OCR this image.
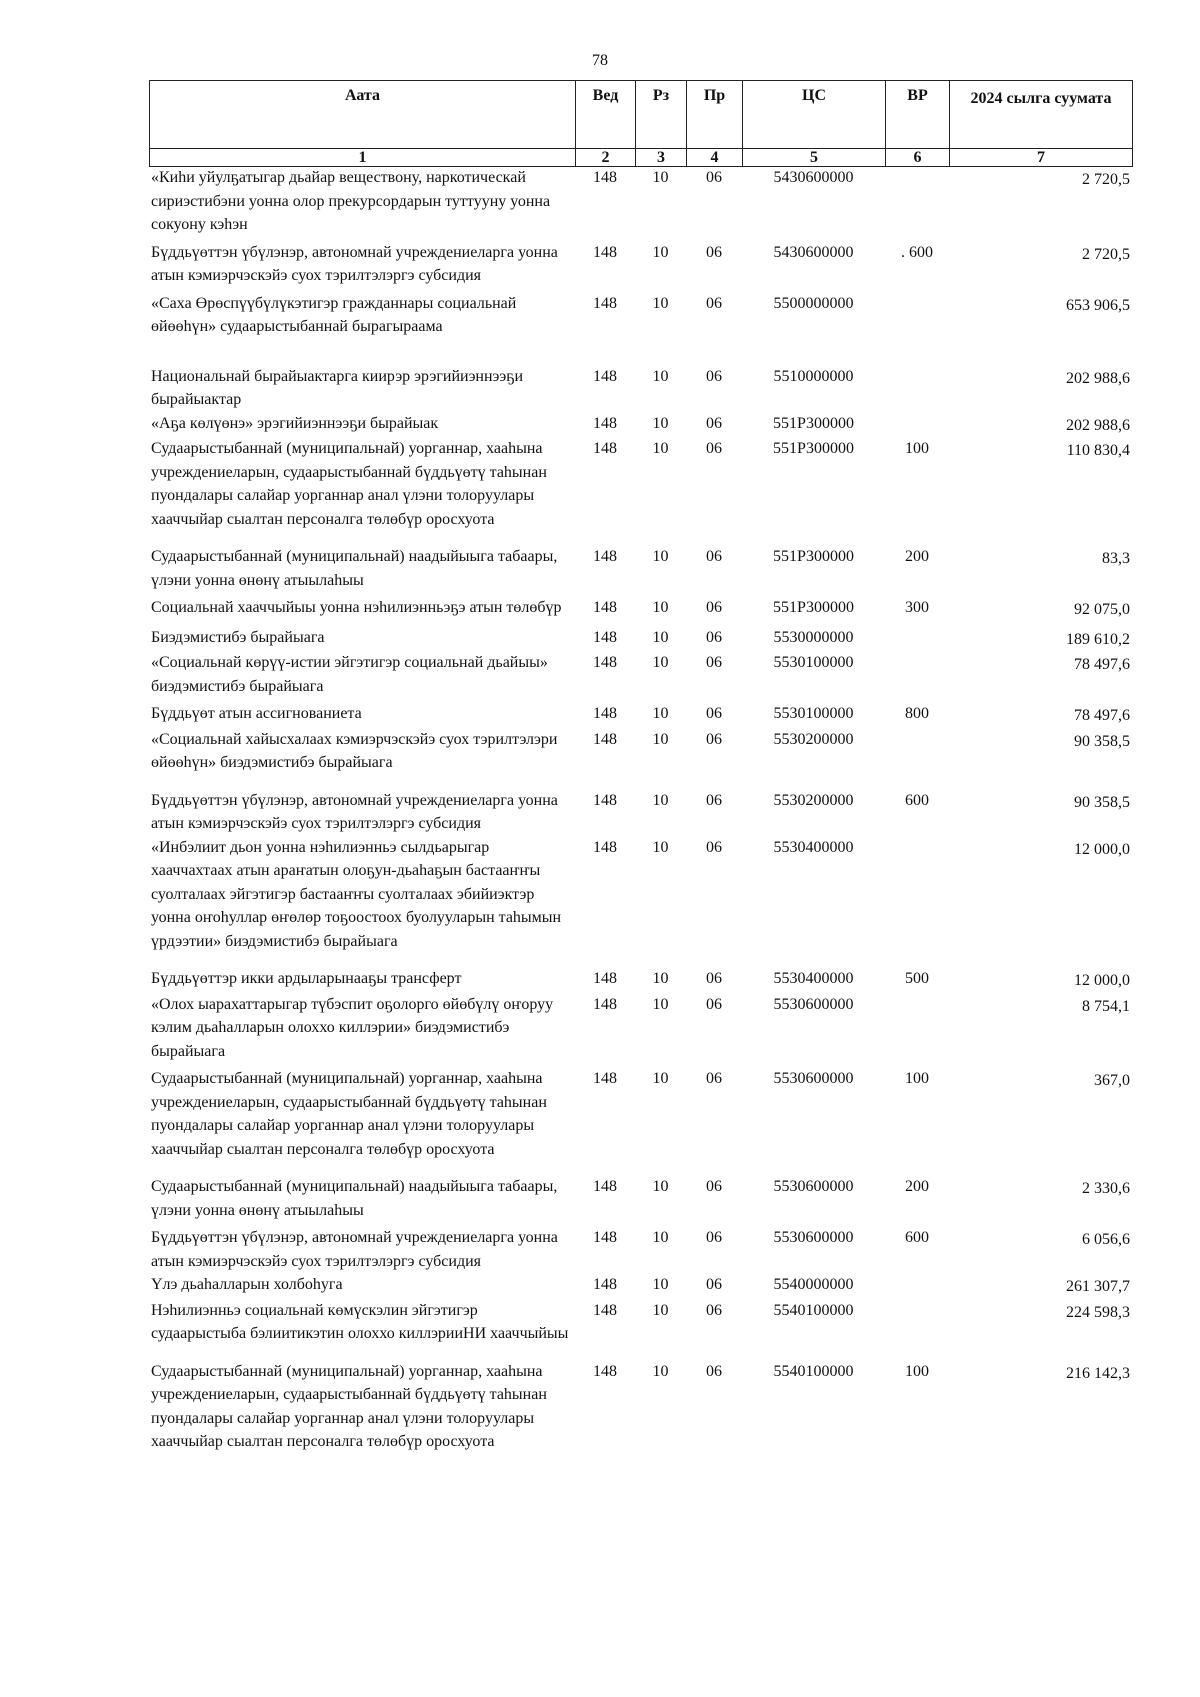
78
Аата	Вед	Рз	Пр	ЦС	ВР	2024 сылга суумата
1	2	3	4	5	6	7
«Киһи уйулҕатыгар дьайар веществону, наркотическай сириэстибэни уонна олор прекурсордарын туттууну уонна сокуону кэһэн	148	10	06	5430600000		2 720,5
Бүддьүөттэн үбүлэнэр, автономнай учреждениеларга уонна атын кэмиэрчэскэйэ суох тэрилтэлэргэ субсидия	148	10	06	5430600000	. 600	2 720,5
«Саха Өрөспүүбүлүкэтигэр гражданнары социальнай өйөөһүн» судаарыстыбаннай бырагыраама	148	10	06	5500000000		653 906,5
Национальнай бырайыактарга киирэр эрэгийиэннээҕи бырайыактар	148	10	06	5510000000		202 988,6
«Аҕа көлүөнэ» эрэгийиэннээҕи бырайыак	148	10	06	551Р300000		202 988,6
Судаарыстыбаннай (муниципальнай) уорганнар, хааһына учреждениеларын, судаарыстыбаннай бүддьүөтү таһынан пуондалары салайар уорганнар анал үлэни толоруулары хааччыйар сыалтан персоналга төлөбүр оросхуота	148	10	06	551Р300000	100	110 830,4
Судаарыстыбаннай (муниципальнай) наадыйыыга табаары, үлэни уонна өнөнү атыылаһыы	148	10	06	551Р300000	200	83,3
Социальнай хааччыйыы уонна нэһилиэнньэҕэ атын төлөбүр	148	10	06	551Р300000	300	92 075,0
Биэдэмистибэ бырайыага	148	10	06	5530000000		189 610,2
«Социальнай көрүү-истии эйгэтигэр социальнай дьайыы» биэдэмистибэ бырайыага	148	10	06	5530100000		78 497,6
Бүддьүөт атын ассигнованиета	148	10	06	5530100000	800	78 497,6
«Социальнай хайысхалаах кэмиэрчэскэйэ суох тэрилтэлэри өйөөһүн» биэдэмистибэ бырайыага	148	10	06	5530200000		90 358,5
Бүддьүөттэн үбүлэнэр, автономнай учреждениеларга уонна атын кэмиэрчэскэйэ суох тэрилтэлэргэ субсидия	148	10	06	5530200000	600	90 358,5
«Инбэлиит дьон уонна нэһилиэнньэ сылдьарыгар хааччахтаах атын араҥатын олоҕун-дьаһаҕын бастааҥҥы суолталаах эйгэтигэр бастааҥҥы суолталаах эбийиэктэр уонна оҥоһуллар өҥөлөр тоҕоостоох буолууларын таһымын үрдээтии» биэдэмистибэ бырайыага	148	10	06	5530400000		12 000,0
Бүддьүөттэр икки ардыларынааҕы трансферт	148	10	06	5530400000	500	12 000,0
«Олох ыарахаттарыгар түбэспит оҕолорго өйөбүлү оҥоруу кэлим дьаһалларын олоххо киллэрии» биэдэмистибэ бырайыага	148	10	06	5530600000		8 754,1
Судаарыстыбаннай (муниципальнай) уорганнар, хааһына учреждениеларын, судаарыстыбаннай бүддьүөтү таһынан пуондалары салайар уорганнар анал үлэни толоруулары хааччыйар сыалтан персоналга төлөбүр оросхуота	148	10	06	5530600000	100	367,0
Судаарыстыбаннай (муниципальнай) наадыйыыга табаары, үлэни уонна өнөнү атыылаһыы	148	10	06	5530600000	200	2 330,6
Бүддьүөттэн үбүлэнэр, автономнай учреждениеларга уонна атын кэмиэрчэскэйэ суох тэрилтэлэргэ субсидия	148	10	06	5530600000	600	6 056,6
Үлэ дьаһалларын холбоһуга	148	10	06	5540000000		261 307,7
Нэһилиэнньэ социальнай көмүскэлин эйгэтигэр судаарыстыба бэлиитикэтин олоххо киллэрииНИ хааччыйыы	148	10	06	5540100000		224 598,3
Судаарыстыбаннай (муниципальнай) уорганнар, хааһына учреждениеларын, судаарыстыбаннай бүддьүөтү таһынан пуондалары салайар уорганнар анал үлэни толоруулары хааччыйар сыалтан персоналга төлөбүр оросхуота	148	10	06	5540100000	100	216 142,3
